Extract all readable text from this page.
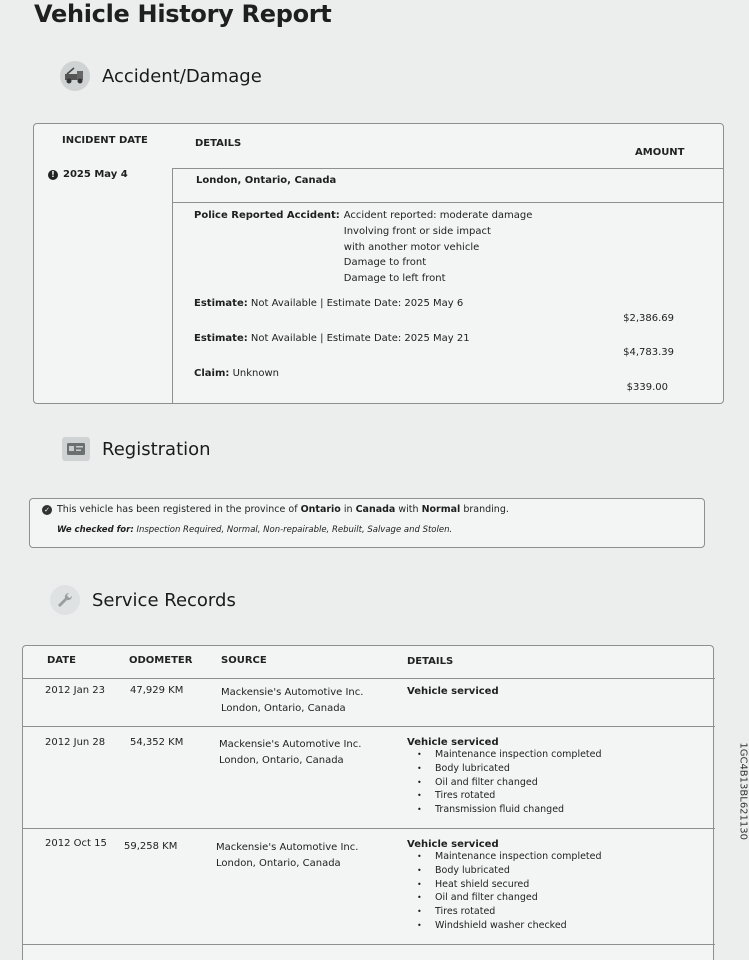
Vehicle History Report
Accident/Damage
INCIDENT DATE	DETAILS
AMOUNT
! 2025 May 4
London, Ontario, Canada
Police Reported Accident: Accident reported: moderate damage
Involving front or side impact
with another motor vehicle
Damage to front
Damage to left front
Estimate: Not Available | Estimate Date: 2025 May 6
$2,386.69
Estimate: Not Available | Estimate Date: 2025 May 21
$4,783.39
Claim: Unknown
$339.00
Registration
✓ This vehicle has been registered in the province of
Ontario
in
Canada
with
Normal
branding.
We checked for: Inspection Required, Normal, Non-repairable, Rebuilt, Salvage and Stolen.
Service Records
DATE	ODOMETER	SOURCE	DETAILS
2012 Jan 23	47,929 KM	Mackensie's Automotive Inc.
London, Ontario, Canada
Vehicle serviced
2012 Jun 28 54,352 KM	Mackensie's Automotive Inc.
London, Ontario, Canada
Vehicle serviced
• Maintenance inspection completed
• Body lubricated
• Oil and filter changed
• Tires rotated
• Transmission fluid changed
2012 Oct 15 59,258 KM	Mackensie's Automotive Inc.
London, Ontario, Canada
Vehicle serviced
• Maintenance inspection completed
• Body lubricated
• Heat shield secured
• Oil and filter changed
• Tires rotated
• Windshield washer checked
1GC4B13BL621130
